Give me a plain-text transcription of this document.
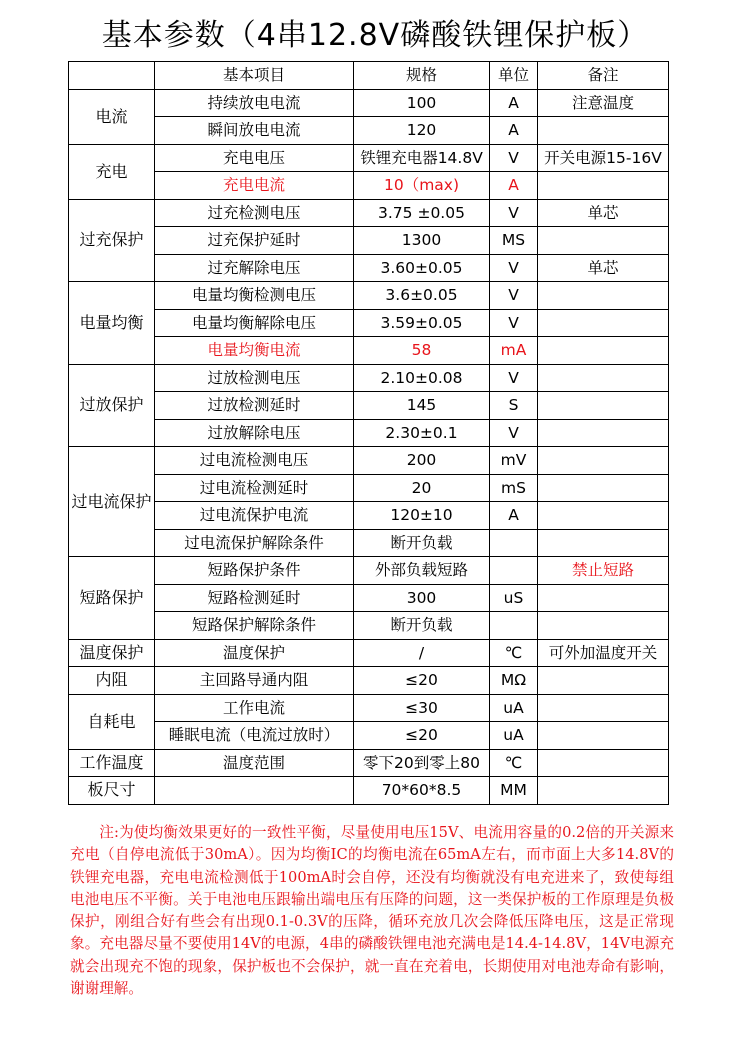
基本参数（4串12.8V磷酸铁锂保护板）
	基本项目	规格	单位	备注
电流	持续放电电流	100	A	注意温度
	瞬间放电电流	120	A	
充电	充电电压	铁锂充电器14.8V	V	开关电源15-16V
	充电电流	10（max)	A	
过充保护	过充检测电压	3.75 ±0.05	V	单芯
	过充保护延时	1300	MS	
	过充解除电压	3.60±0.05	V	单芯
电量均衡	电量均衡检测电压	3.6±0.05	V	
	电量均衡解除电压	3.59±0.05	V	
	电量均衡电流	58	mA	
过放保护	过放检测电压	2.10±0.08	V	
	过放检测延时	145	S	
	过放解除电压	2.30±0.1	V	
过电流保护	过电流检测电压	200	mV	
	过电流检测延时	20	mS	
	过电流保护电流	120±10	A	
	过电流保护解除条件	断开负载		
短路保护	短路保护条件	外部负载短路		禁止短路
	短路检测延时	300	uS	
	短路保护解除条件	断开负载		
温度保护	温度保护	/	℃	可外加温度开关
内阻	主回路导通内阻	≤20	MΩ	
自耗电	工作电流	≤30	uA	
	睡眠电流（电流过放时）	≤20	uA	
工作温度	温度范围	零下20到零上80	℃	
板尺寸		70*60*8.5	MM	
注:为使均衡效果更好的一致性平衡，尽量使用电压15V、电流用容量的0.2倍的开关源来充电（自停电流低于30mA）。因为均衡IC的均衡电流在65mA左右，而市面上大多14.8V的铁锂充电器，充电电流检测低于100mA时会自停，还没有均衡就没有电充进来了，致使每组电池电压不平衡。关于电池电压跟输出端电压有压降的问题，这一类保护板的工作原理是负极保护，刚组合好有些会有出现0.1-0.3V的压降，循环充放几次会降低压降电压，这是正常现象。充电器尽量不要使用14V的电源，4串的磷酸铁锂电池充满电是14.4-14.8V，14V电源充就会出现充不饱的现象，保护板也不会保护，就一直在充着电，长期使用对电池寿命有影响，谢谢理解。
